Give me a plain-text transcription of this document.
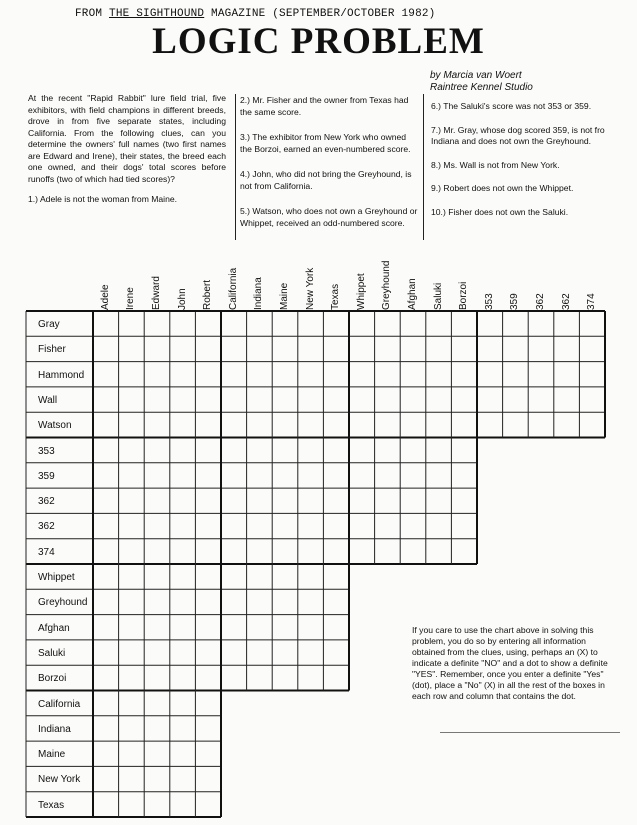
FROM THE SIGHTHOUND MAGAZINE (SEPTEMBER/OCTOBER 1982)
LOGIC PROBLEM
by Marcia van Woert
Raintree Kennel Studio

At the recent "Rapid Rabbit" lure field trial, five exhibitors, with field champions in different breeds, drove in from five separate states, including California. From the following clues, can you determine the owners' full names (two first names are Edward and Irene), their states, the breed each one owned, and their dogs' total scores before runoffs (two of which had tied scores)?

1.) Adele is not the woman from Maine.

2.) Mr. Fisher and the owner from Texas had the same score.

3.) The exhibitor from New York who owned the Borzoi, earned an even-numbered score.

4.) John, who did not bring the Greyhound, is not from California.

5.) Watson, who does not own a Greyhound or Whippet, received an odd-numbered score.

6.) The Saluki's score was not 353 or 359.

7.) Mr. Gray, whose dog scored 359, is not fro Indiana and does not own the Greyhound.

8.) Ms. Wall is not from New York.

9.) Robert does not own the Whippet.

10.) Fisher does not own the Saluki.

Adele Irene Edward John Robert California Indiana Maine New York Texas Whippet Greyhound Afghan Saluki Borzoi 353 359 362 362 374
Gray
Fisher
Hammond
Wall
Watson
353
359
362
362
374
Whippet
Greyhound
Afghan
Saluki
Borzoi
California
Indiana
Maine
New York
Texas
If you care to use the chart above in solving this problem, you do so by entering all information obtained from the clues, using, perhaps an (X) to indicate a definite "NO" and a dot to show a definite "YES". Remember, once you enter a definite "Yes" (dot), place a "No" (X) in all the rest of the boxes in each row and column that contains the dot.
